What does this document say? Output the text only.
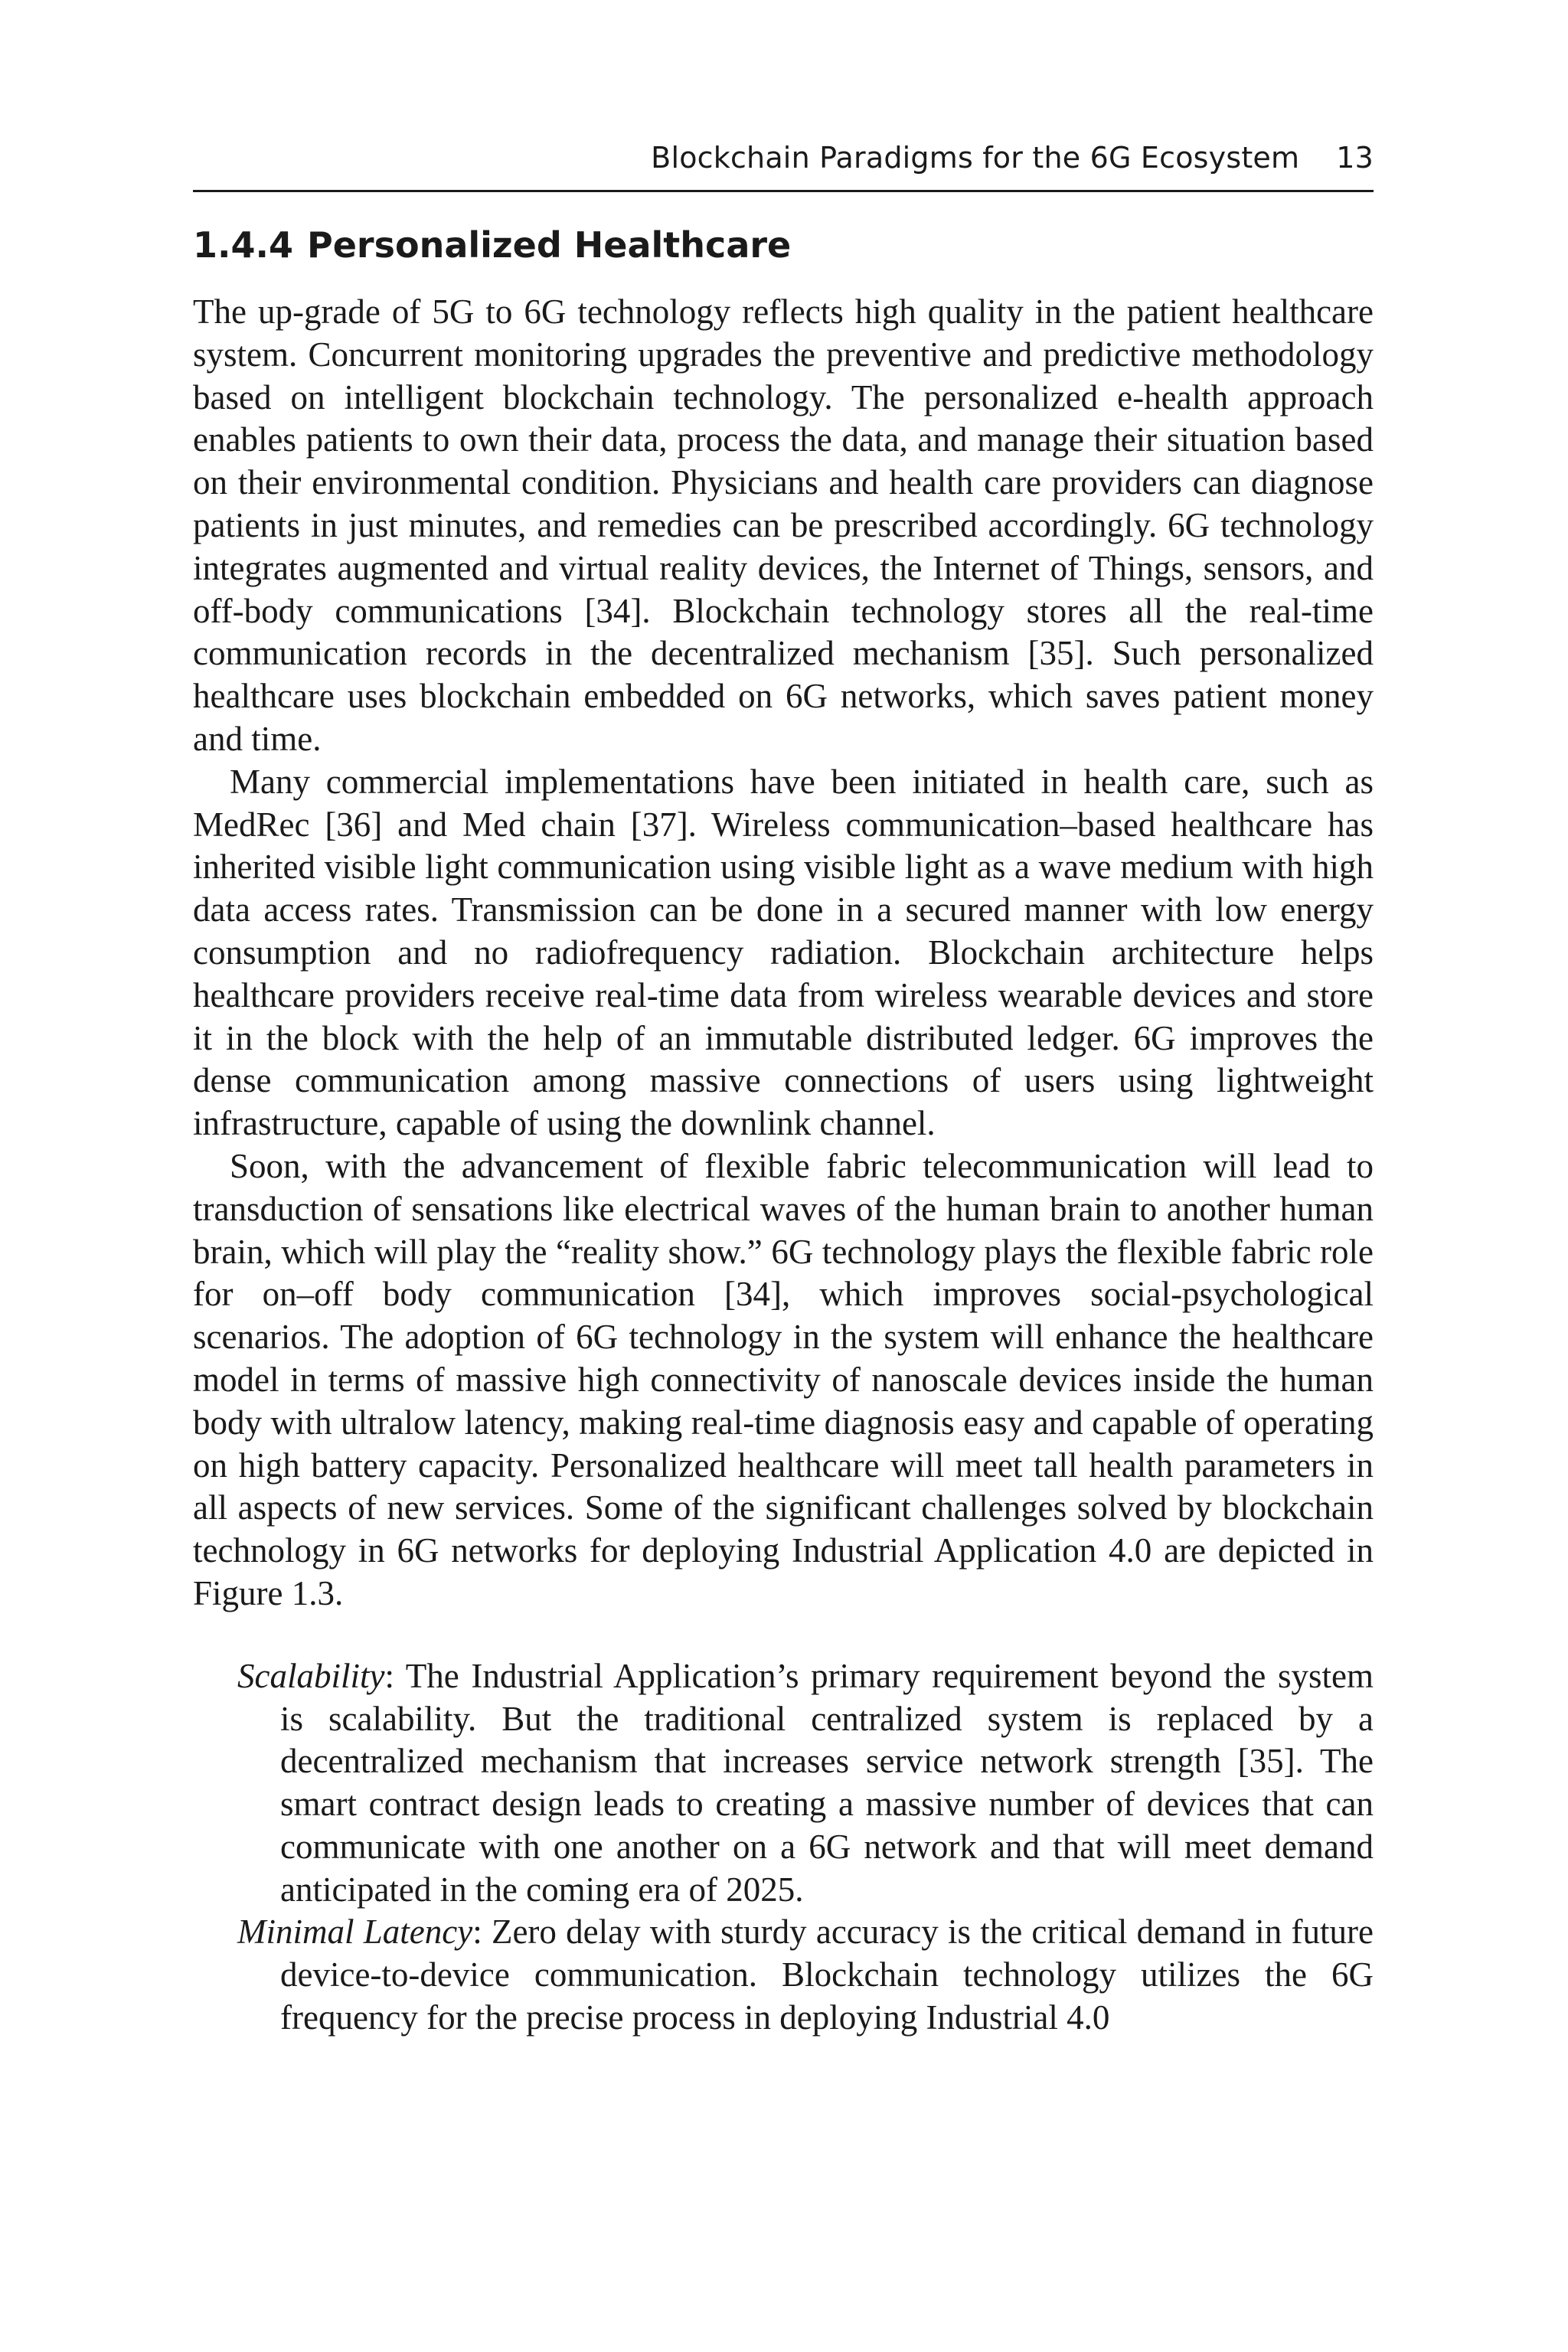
Blockchain Paradigms for the 6G Ecosystem 13
1.4.4 Personalized Healthcare

The up-grade of 5G to 6G technology reflects high quality in the patient healthcare system. Concurrent monitoring upgrades the preventive and predictive methodology based on intelligent blockchain technology. The personalized e-health approach enables patients to own their data, process the data, and manage their situation based on their environmental condition. Physicians and health care providers can diagnose patients in just minutes, and remedies can be prescribed accordingly. 6G technology integrates augmented and virtual reality devices, the Internet of Things, sensors, and off-body communications [34]. Blockchain technology stores all the real-time communication records in the decentralized mechanism [35]. Such personalized healthcare uses blockchain embedded on 6G networks, which saves patient money and time.

Many commercial implementations have been initiated in health care, such as MedRec [36] and Med chain [37]. Wireless communication–based healthcare has inherited visible light communication using visible light as a wave medium with high data access rates. Transmission can be done in a secured manner with low energy consumption and no radiofrequency radiation. Blockchain architecture helps healthcare providers receive real-time data from wireless wearable devices and store it in the block with the help of an immutable distributed ledger. 6G improves the dense communication among massive connections of users using lightweight infrastructure, capable of using the downlink channel.

Soon, with the advancement of flexible fabric telecommunication will lead to transduction of sensations like electrical waves of the human brain to another human brain, which will play the “reality show.” 6G technology plays the flexible fabric role for on–off body communication [34], which improves social-psychological scenarios. The adoption of 6G technology in the system will enhance the healthcare model in terms of massive high connectivity of nanoscale devices inside the human body with ultralow latency, making real-time diagnosis easy and capable of operating on high battery capacity. Personalized healthcare will meet tall health parameters in all aspects of new services. Some of the significant challenges solved by blockchain technology in 6G networks for deploying Industrial Application 4.0 are depicted in Figure 1.3.

Scalability: The Industrial Application’s primary requirement beyond the system is scalability. But the traditional centralized system is replaced by a decentralized mechanism that increases service network strength [35]. The smart contract design leads to creating a massive number of devices that can communicate with one another on a 6G network and that will meet demand anticipated in the coming era of 2025.
Minimal Latency: Zero delay with sturdy accuracy is the critical demand in future device-to-device communication. Blockchain technology utilizes the 6G frequency for the precise process in deploying Industrial 4.0
